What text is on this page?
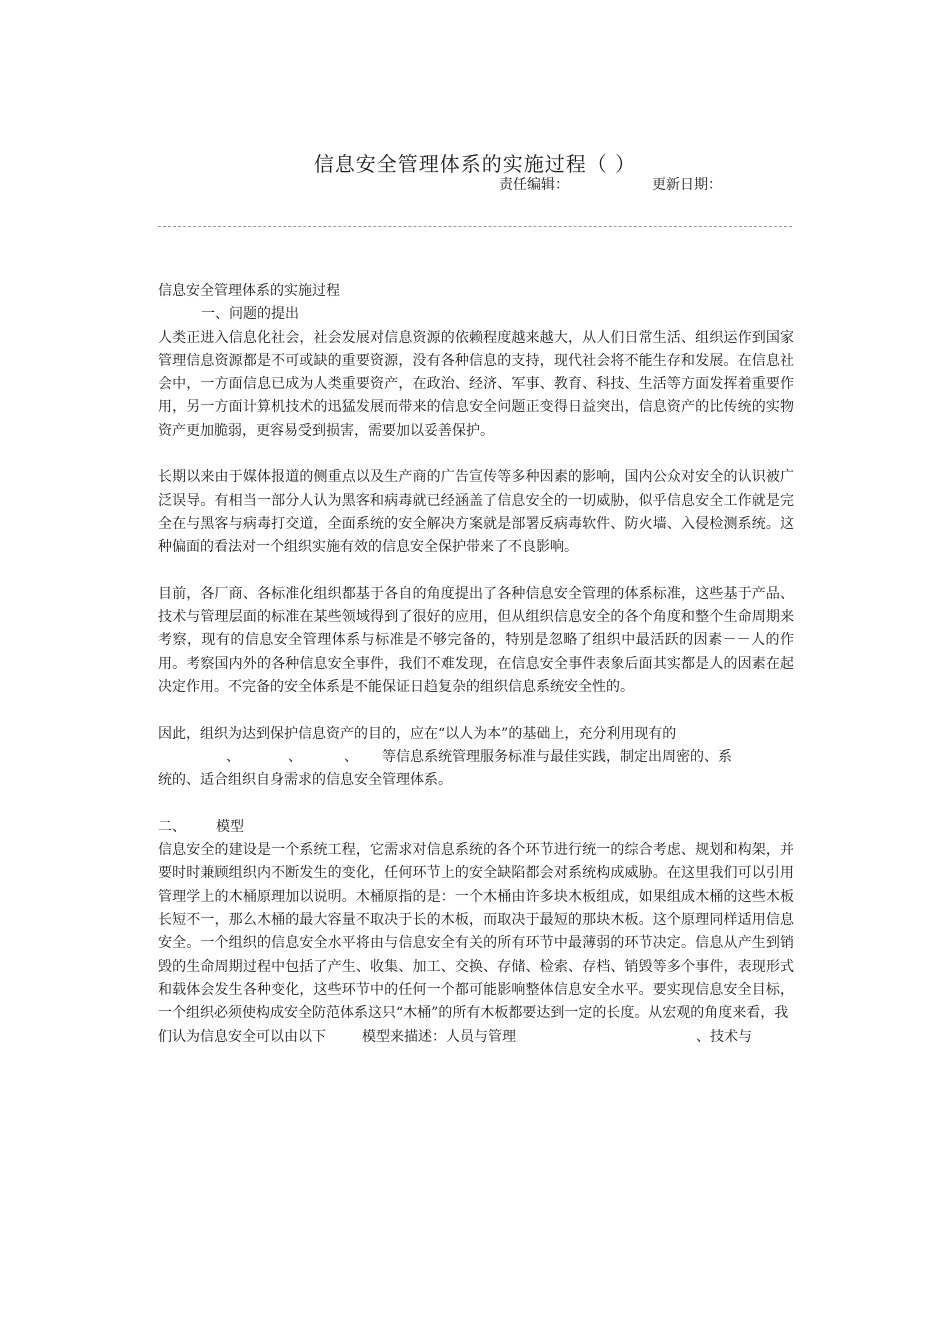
信息安全管理体系的实施过程（ ）
责任编辑：	更新日期：

信息安全管理体系的实施过程

一、问题的提出

人类正进入信息化社会，社会发展对信息资源的依赖程度越来越大，从人们日常生活、组织运作到国家管理信息资源都是不可或缺的重要资源，没有各种信息的支持，现代社会将不能生存和发展。在信息社会中，一方面信息已成为人类重要资产，在政治、经济、军事、教育、科技、生活等方面发挥着重要作用，另一方面计算机技术的迅猛发展而带来的信息安全问题正变得日益突出，信息资产的比传统的实物资产更加脆弱，更容易受到损害，需要加以妥善保护。

长期以来由于媒体报道的侧重点以及生产商的广告宣传等多种因素的影响，国内公众对安全的认识被广泛误导。有相当一部分人认为黑客和病毒就已经涵盖了信息安全的一切威胁，似乎信息安全工作就是完全在与黑客与病毒打交道，全面系统的安全解决方案就是部署反病毒软件、防火墙、入侵检测系统。这种偏面的看法对一个组织实施有效的信息安全保护带来了不良影响。

目前，各厂商、各标准化组织都基于各自的角度提出了各种信息安全管理的体系标准，这些基于产品、技术与管理层面的标准在某些领域得到了很好的应用，但从组织信息安全的各个角度和整个生命周期来考察，现有的信息安全管理体系与标准是不够完备的，特别是忽略了组织中最活跃的因素－－人的作用。考察国内外的各种信息安全事件，我们不难发现，在信息安全事件表象后面其实都是人的因素在起决定作用。不完备的安全体系是不能保证日趋复杂的组织信息系统安全性的。

因此，组织为达到保护信息资产的目的，应在“以人为本”的基础上，充分利用现有的

、	、	、 等信息系统管理服务标准与最佳实践，制定出周密的、系

统的、适合组织自身需求的信息安全管理体系。

二、 模型

信息安全的建设是一个系统工程，它需求对信息系统的各个环节进行统一的综合考虑、规划和构架，并要时时兼顾组织内不断发生的变化，任何环节上的安全缺陷都会对系统构成威胁。在这里我们可以引用管理学上的木桶原理加以说明。木桶原指的是：一个木桶由许多块木板组成，如果组成木桶的这些木板长短不一，那么木桶的最大容量不取决于长的木板，而取决于最短的那块木板。这个原理同样适用信息安全。一个组织的信息安全水平将由与信息安全有关的所有环节中最薄弱的环节决定。信息从产生到销毁的生命周期过程中包括了产生、收集、加工、交换、存储、检索、存档、销毁等多个事件，表现形式和载体会发生各种变化，这些环节中的任何一个都可能影响整体信息安全水平。要实现信息安全目标，一个组织必须使构成安全防范体系这只“木桶”的所有木板都要达到一定的长度。从宏观的角度来看，我

们认为信息安全可以由以下	模型来描述：人员与管理	、技术与
